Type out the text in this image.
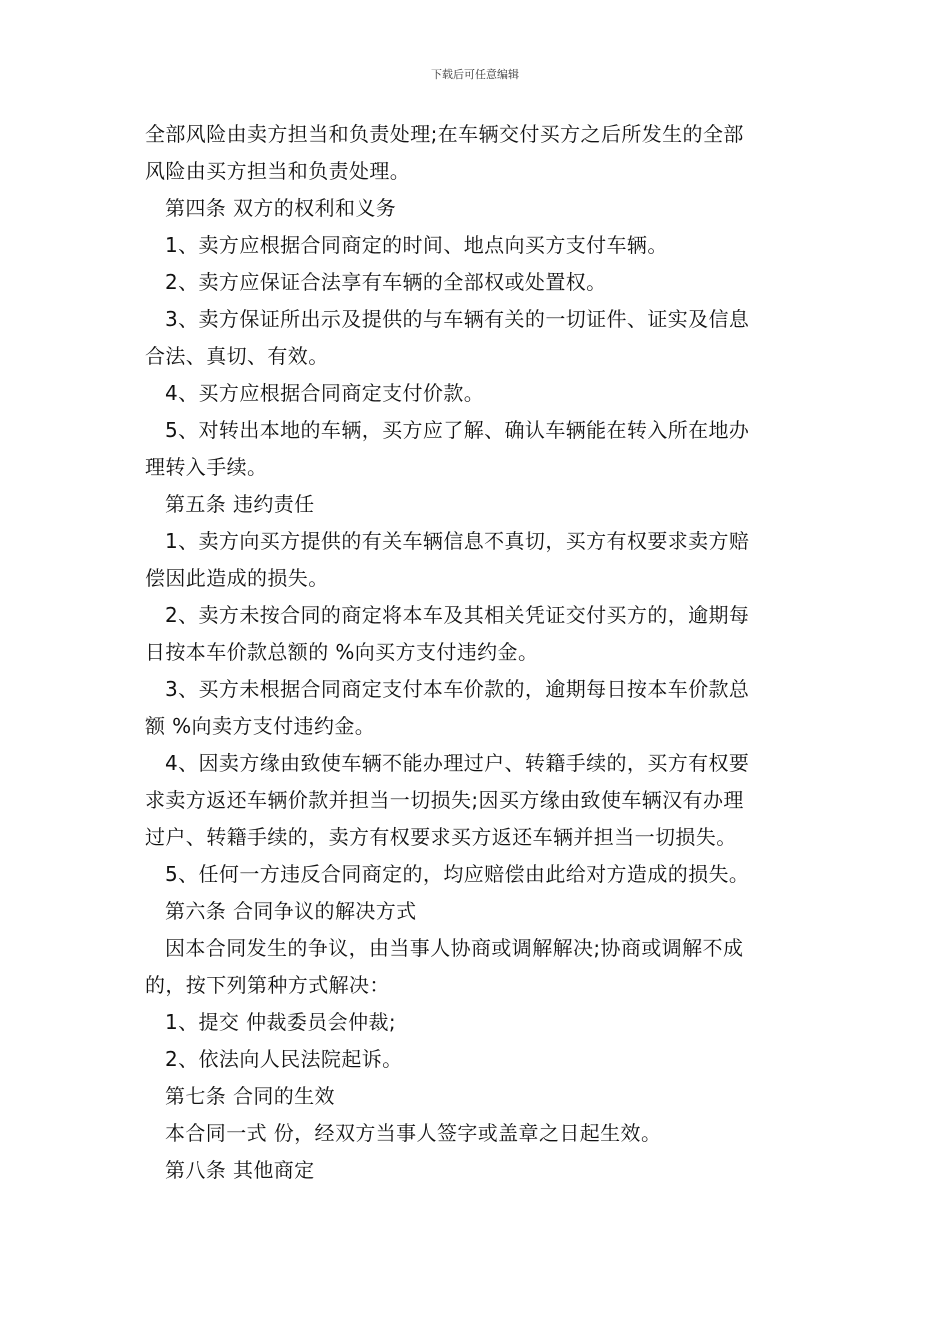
下载后可任意编辑
全部风险由卖方担当和负责处理;在车辆交付买方之后所发生的全部
风险由买方担当和负责处理。
第四条 双方的权利和义务
1、卖方应根据合同商定的时间、地点向买方支付车辆。
2、卖方应保证合法享有车辆的全部权或处置权。
3、卖方保证所出示及提供的与车辆有关的一切证件、证实及信息
合法、真切、有效。
4、买方应根据合同商定支付价款。
5、对转出本地的车辆，买方应了解、确认车辆能在转入所在地办
理转入手续。
第五条 违约责任
1、卖方向买方提供的有关车辆信息不真切，买方有权要求卖方赔
偿因此造成的损失。
2、卖方未按合同的商定将本车及其相关凭证交付买方的，逾期每
日按本车价款总额的 %向买方支付违约金。
3、买方未根据合同商定支付本车价款的，逾期每日按本车价款总
额 %向卖方支付违约金。
4、因卖方缘由致使车辆不能办理过户、转籍手续的，买方有权要
求卖方返还车辆价款并担当一切损失;因买方缘由致使车辆汉有办理
过户、转籍手续的，卖方有权要求买方返还车辆并担当一切损失。
5、任何一方违反合同商定的，均应赔偿由此给对方造成的损失。
第六条 合同争议的解决方式
因本合同发生的争议，由当事人协商或调解解决;协商或调解不成
的，按下列第种方式解决：
1、提交 仲裁委员会仲裁;
2、依法向人民法院起诉。
第七条 合同的生效
本合同一式 份，经双方当事人签字或盖章之日起生效。
第八条 其他商定
